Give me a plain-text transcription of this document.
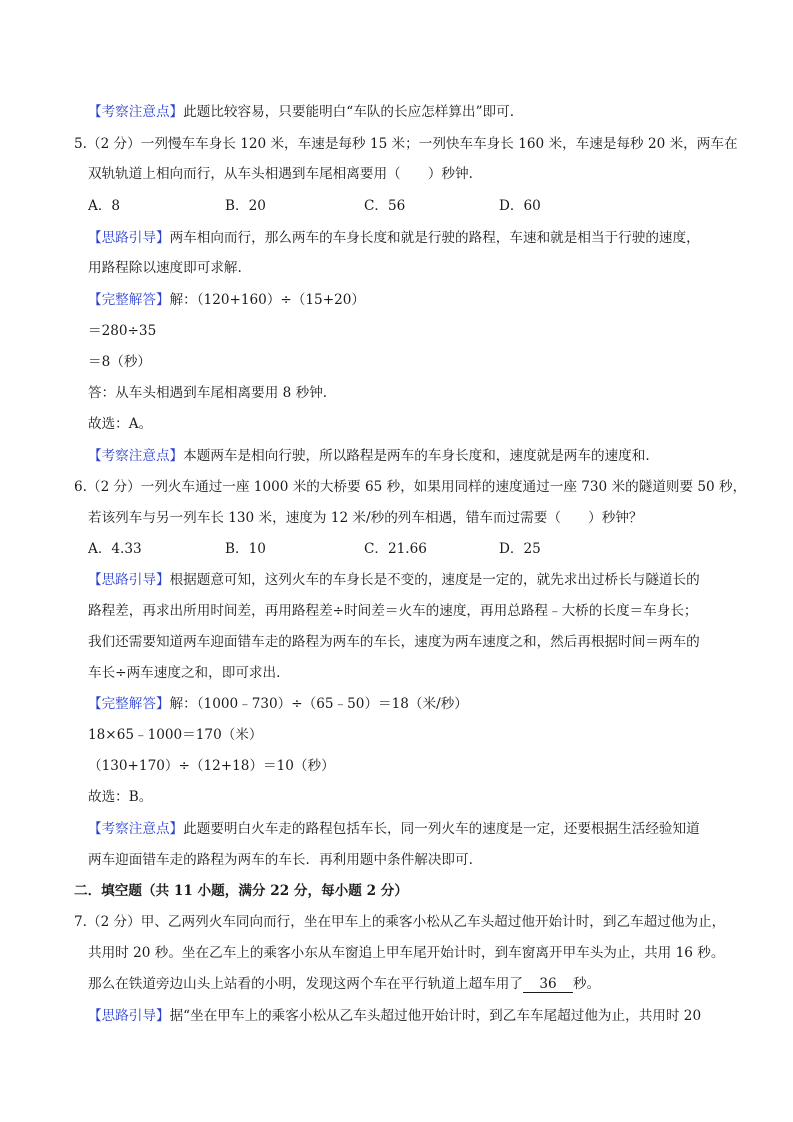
【考察注意点】此题比较容易，只要能明白“车队的长应怎样算出”即可.
5.（2 分）一列慢车车身长 120 米，车速是每秒 15 米；一列快车车身长 160 米，车速是每秒 20 米，两车在
双轨轨道上相向而行，从车头相遇到车尾相离要用（　　）秒钟.
A．8	B．20	C．56	D．60
【思路引导】两车相向而行，那么两车的车身长度和就是行驶的路程，车速和就是相当于行驶的速度，
用路程除以速度即可求解.
【完整解答】解：（120+160）÷（15+20）
＝280÷35
＝8（秒）
答：从车头相遇到车尾相离要用 8 秒钟.
故选：A。
【考察注意点】本题两车是相向行驶，所以路程是两车的车身长度和，速度就是两车的速度和.
6.（2 分）一列火车通过一座 1000 米的大桥要 65 秒，如果用同样的速度通过一座 730 米的隧道则要 50 秒，
若该列车与另一列车长 130 米，速度为 12 米/秒的列车相遇，错车而过需要（　　）秒钟？
A．4.33	B．10	C．21.66	D．25
【思路引导】根据题意可知，这列火车的车身长是不变的，速度是一定的，就先求出过桥长与隧道长的
路程差，再求出所用时间差，再用路程差÷时间差＝火车的速度，再用总路程﹣大桥的长度＝车身长；
我们还需要知道两车迎面错车走的路程为两车的车长，速度为两车速度之和，然后再根据时间＝两车的
车长÷两车速度之和，即可求出.
【完整解答】解：（1000﹣730）÷（65﹣50）＝18（米/秒）
18×65﹣1000＝170（米）
（130+170）÷（12+18）＝10（秒）
故选：B。
【考察注意点】此题要明白火车走的路程包括车长，同一列火车的速度是一定，还要根据生活经验知道
两车迎面错车走的路程为两车的车长．再利用题中条件解决即可.
二．填空题（共 11 小题，满分 22 分，每小题 2 分）
7.（2 分）甲、乙两列火车同向而行，坐在甲车上的乘客小松从乙车头超过他开始计时，到乙车超过他为止，
共用时 20 秒。坐在乙车上的乘客小东从车窗追上甲车尾开始计时，到车窗离开甲车头为止，共用 16 秒。
那么在铁道旁边山头上站看的小明，发现这两个车在平行轨道上超车用了 36 秒。
【思路引导】据“坐在甲车上的乘客小松从乙车头超过他开始计时，到乙车车尾超过他为止，共用时 20
